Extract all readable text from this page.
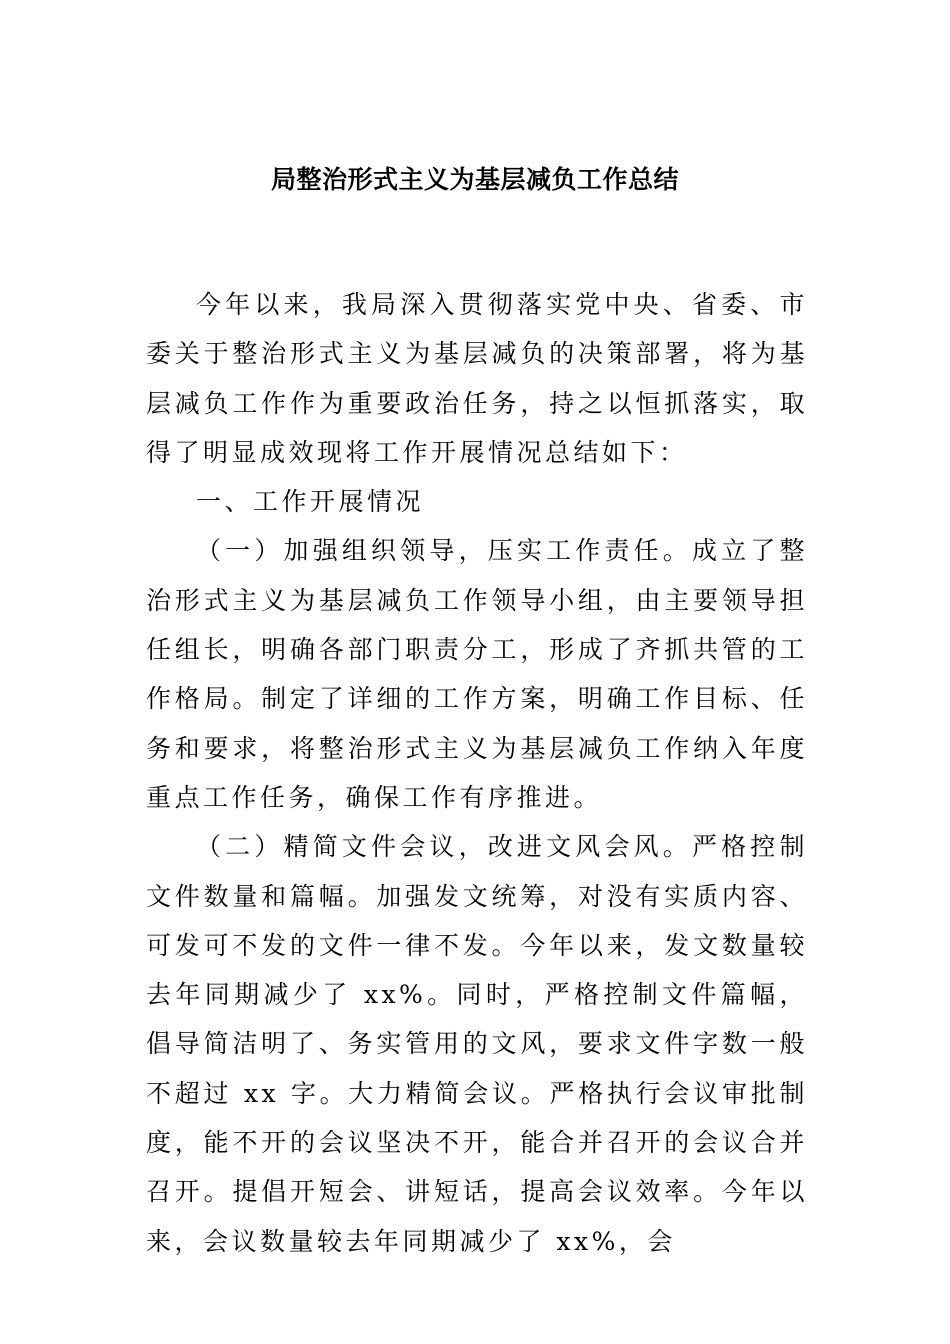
局整治形式主义为基层减负工作总结

今年以来，我局深入贯彻落实党中央、省委、市委关于整治形式主义为基层减负的决策部署，将为基层减负工作作为重要政治任务，持之以恒抓落实，取得了明显成效现将工作开展情况总结如下：

一、工作开展情况

（一）加强组织领导，压实工作责任。成立了整治形式主义为基层减负工作领导小组，由主要领导担任组长，明确各部门职责分工，形成了齐抓共管的工作格局。制定了详细的工作方案，明确工作目标、任务和要求，将整治形式主义为基层减负工作纳入年度重点工作任务，确保工作有序推进。

（二）精简文件会议，改进文风会风。严格控制文件数量和篇幅。加强发文统筹，对没有实质内容、可发可不发的文件一律不发。今年以来，发文数量较去年同期减少了 xx%。同时，严格控制文件篇幅，倡导简洁明了、务实管用的文风，要求文件字数一般不超过 xx 字。大力精简会议。严格执行会议审批制度，能不开的会议坚决不开，能合并召开的会议合并召开。提倡开短会、讲短话，提高会议效率。今年以来，会议数量较去年同期减少了 xx%，会
